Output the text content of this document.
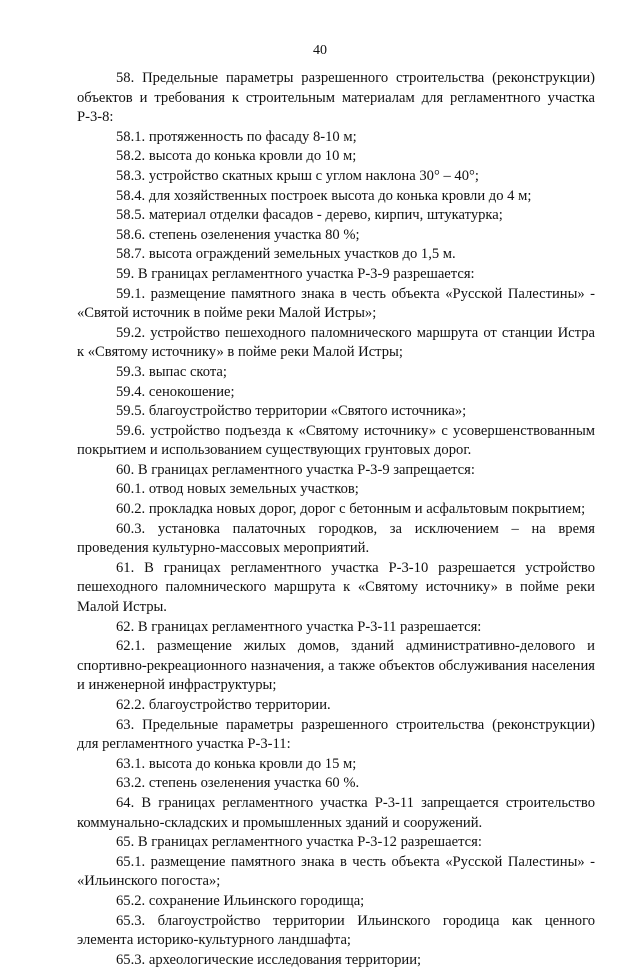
40

58. Предельные параметры разрешенного строительства (реконструкции) объектов и требования к строительным материалам для регламентного участка Р-3-8:

58.1. протяженность по фасаду 8-10 м;

58.2. высота до конька кровли до 10 м;

58.3. устройство скатных крыш с углом наклона 30° – 40°;

58.4. для хозяйственных построек высота до конька кровли до 4 м;

58.5. материал отделки фасадов - дерево, кирпич, штукатурка;

58.6. степень озеленения участка 80 %;

58.7. высота ограждений земельных участков до 1,5 м.

59. В границах регламентного участка Р-3-9 разрешается:

59.1. размещение памятного знака в честь объекта «Русской Палестины» - «Святой источник в пойме реки Малой Истры»;

59.2. устройство пешеходного паломнического маршрута от станции Истра к «Святому источнику» в пойме реки Малой Истры;

59.3. выпас скота;

59.4. сенокошение;

59.5. благоустройство территории «Святого источника»;

59.6. устройство подъезда к «Святому источнику» с усовершенствованным покрытием и использованием существующих грунтовых дорог.

60. В границах регламентного участка Р-3-9 запрещается:

60.1. отвод новых земельных участков;

60.2. прокладка новых дорог, дорог с бетонным и асфальтовым покрытием;

60.3. установка палаточных городков, за исключением – на время проведения культурно-массовых мероприятий.

61. В границах регламентного участка Р-3-10 разрешается устройство пешеходного паломнического маршрута к «Святому источнику» в пойме реки Малой Истры.

62. В границах регламентного участка Р-3-11 разрешается:

62.1. размещение жилых домов, зданий административно-делового и спортивно-рекреационного назначения, а также объектов обслуживания населения и инженерной инфраструктуры;

62.2. благоустройство территории.

63. Предельные параметры разрешенного строительства (реконструкции) для регламентного участка Р-3-11:

63.1. высота до конька кровли до 15 м;

63.2. степень озеленения участка 60 %.

64. В границах регламентного участка Р-3-11 запрещается строительство коммунально-складских и промышленных зданий и сооружений.

65. В границах регламентного участка Р-3-12 разрешается:

65.1. размещение памятного знака в честь объекта «Русской Палестины» - «Ильинского погоста»;

65.2. сохранение Ильинского городища;

65.3. благоустройство территории Ильинского городица как ценного элемента историко-культурного ландшафта;

65.3. археологические исследования территории;
